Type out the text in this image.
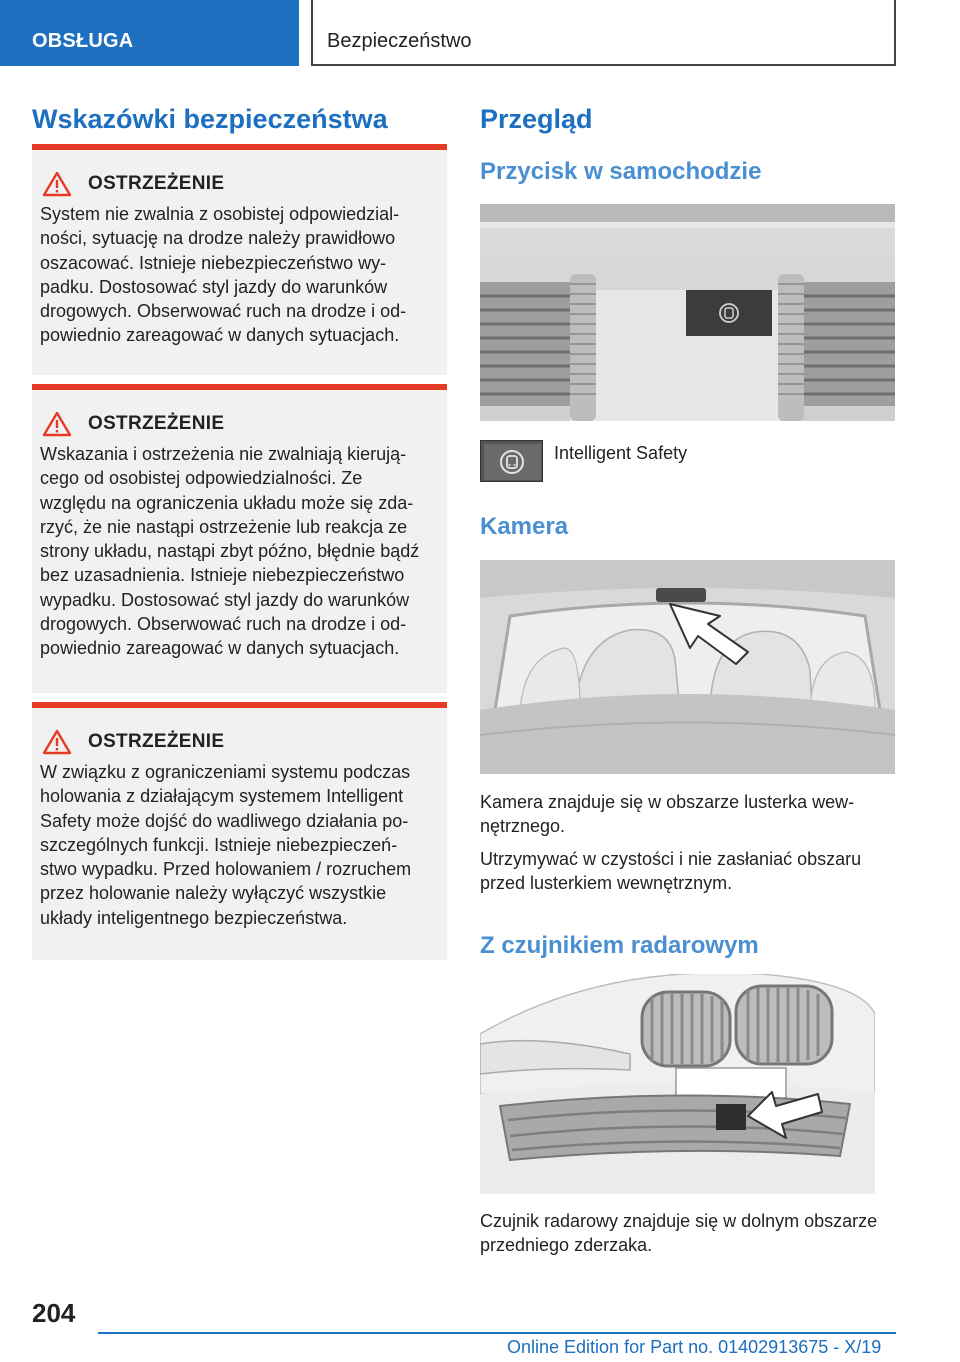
OBSŁUGA	Bezpieczeństwo
Wskazówki bezpieczeństwa
OSTRZEŻENIE
System nie zwalnia z osobistej odpowiedzial-
ności, sytuację na drodze należy prawidłowo
oszacować. Istnieje niebezpieczeństwo wy-
padku. Dostosować styl jazdy do warunków
drogowych. Obserwować ruch na drodze i od-
powiednio zareagować w danych sytuacjach.
OSTRZEŻENIE
Wskazania i ostrzeżenia nie zwalniają kierują-
cego od osobistej odpowiedzialności. Ze
względu na ograniczenia układu może się zda-
rzyć, że nie nastąpi ostrzeżenie lub reakcja ze
strony układu, nastąpi zbyt późno, błędnie bądź
bez uzasadnienia. Istnieje niebezpieczeństwo
wypadku. Dostosować styl jazdy do warunków
drogowych. Obserwować ruch na drodze i od-
powiednio zareagować w danych sytuacjach.
OSTRZEŻENIE
W związku z ograniczeniami systemu podczas
holowania z działającym systemem Intelligent
Safety może dojść do wadliwego działania po-
szczególnych funkcji. Istnieje niebezpieczeń-
stwo wypadku. Przed holowaniem / rozruchem
przez holowanie należy wyłączyć wszystkie
układy inteligentnego bezpieczeństwa.
Przegląd
Przycisk w samochodzie
Intelligent Safety
Kamera
Kamera znajduje się w obszarze lusterka wew-
nętrznego.
Utrzymywać w czystości i nie zasłaniać obszaru
przed lusterkiem wewnętrznym.
Z czujnikiem radarowym
Czujnik radarowy znajduje się w dolnym obszarze
przedniego zderzaka.
204
Online Edition for Part no. 01402913675 - X/19
